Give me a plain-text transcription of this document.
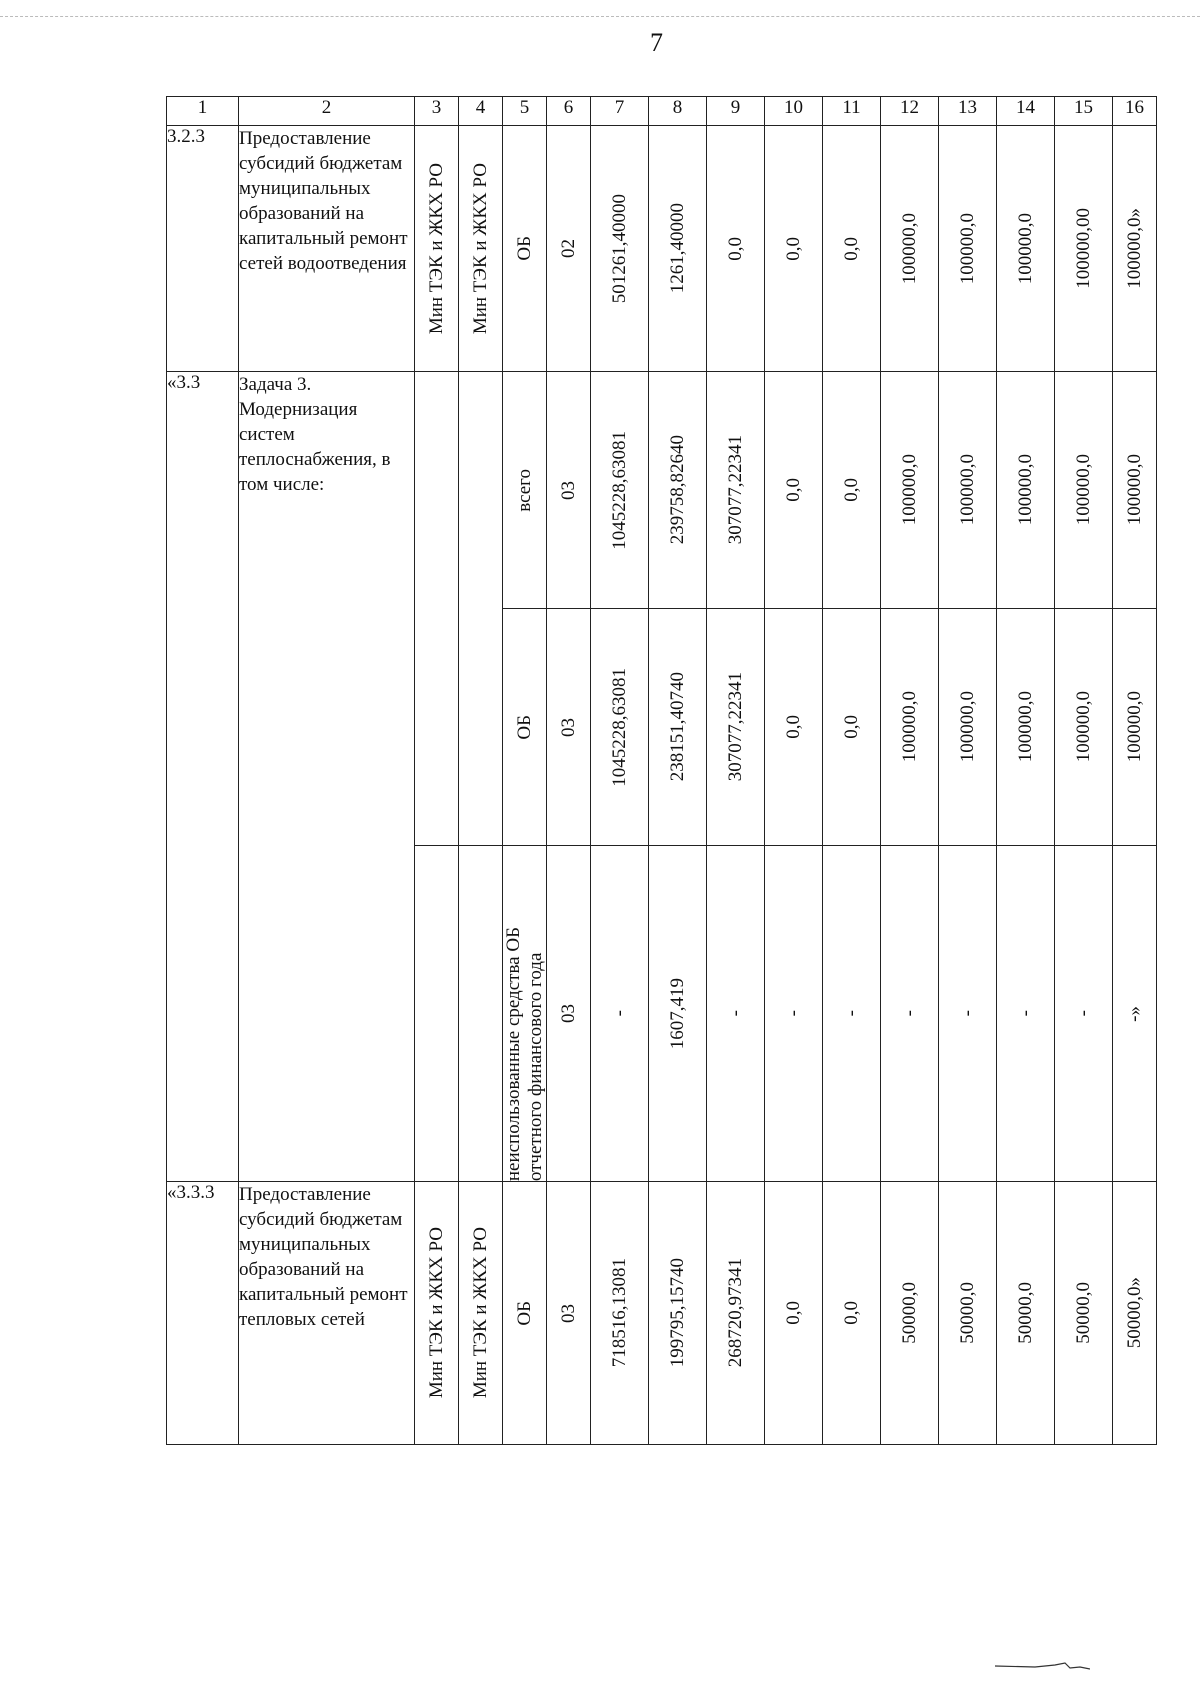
7
1	2	3	4	5	6	7	8	9	10	11	12	13	14	15	16
3.2.3	Предоставление субсидий бюджетам муниципальных образований на капитальный ремонт сетей водоотведения	Мин ТЭК и ЖКХ РО	Мин ТЭК и ЖКХ РО	ОБ	02	501261,40000	1261,40000	0,0	0,0	0,0	100000,0	100000,0	100000,0	100000,00	100000,0»

«3.3	Задача 3. Модернизация систем теплоснабжения, в том числе:			всего	03	1045228,63081	239758,82640	307077,22341	0,0	0,0	100000,0	100000,0	100000,0	100000,0	100000,0

				ОБ	03	1045228,63081	238151,40740	307077,22341	0,0	0,0	100000,0	100000,0	100000,0	100000,0	100000,0

				неиспользованные средства ОБ отчетного финансового года	03	-	1607,419	-	-	-	-	-	-	-	-»

«3.3.3	Предоставление субсидий бюджетам муниципальных образований на капитальный ремонт тепловых сетей	Мин ТЭК и ЖКХ РО	Мин ТЭК и ЖКХ РО	ОБ	03	718516,13081	199795,15740	268720,97341	0,0	0,0	50000,0	50000,0	50000,0	50000,0	50000,0»
